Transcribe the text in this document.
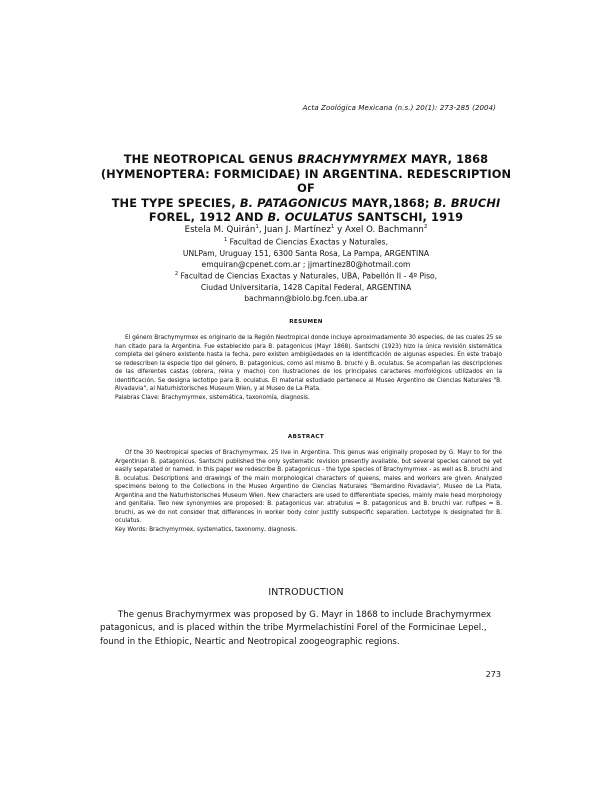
Acta Zoológica Mexicana (n.s.) 20(1): 273-285 (2004)
THE NEOTROPICAL GENUS BRACHYMYRMEX MAYR, 1868
(HYMENOPTERA: FORMICIDAE) IN ARGENTINA. REDESCRIPTION OF
THE TYPE SPECIES, B. PATAGONICUS MAYR,1868; B. BRUCHI
FOREL, 1912 AND B. OCULATUS SANTSCHI, 1919
Estela M. Quirán$^1$, Juan J. Martínez$^1$ y Axel O. Bachmann$^2$
$^1$ Facultad de Ciencias Exactas y Naturales,
UNLPam, Uruguay 151, 6300 Santa Rosa, La Pampa, ARGENTINA
emquiran@cpenet.com.ar ; jjmartinez80@hotmail.com
$^2$ Facultad de Ciencias Exactas y Naturales, UBA, Pabellón II - 4º Piso,
Ciudad Universitaria, 1428 Capital Federal, ARGENTINA
bachmann@biolo.bg.fcen.uba.ar
RESUMEN

El género Brachymyrmex es originario de la Región Neotropical donde incluye aproximadamente 30 especies, de las cuales 25 se han citado para la Argentina. Fue establecido para B. patagonicus (Mayr 1868). Santschi (1923) hizo la única revisión sistemática completa del género existente hasta la fecha, pero existen ambigüedades en la identificación de algunas especies. En este trabajo se redescriben la especie tipo del género, B. patagonicus, como así mismo B. bruchi y B. oculatus. Se acompañan las descripciones de las diferentes castas (obrera, reina y macho) con ilustraciones de los principales caracteres morfológicos utilizados en la identificación. Se designa lectotipo para B. oculatus. El material estudiado pertenece al Museo Argentino de Ciencias Naturales "B. Rivadavia", al Naturhistorisches Museum Wien, y al Museo de La Plata.

Palabras Clave: Brachymyrmex, sistemática, taxonomía, diagnosis.

ABSTRACT

Of the 30 Neotropical species of Brachymyrmex, 25 live in Argentina. This genus was originally proposed by G. Mayr to for the Argentinian B. patagonicus. Santschi published the only systematic revision presently available, but several species cannot be yet easily separated or named. In this paper we redescribe B. patagonicus - the type species of Brachymyrmex - as well as B. bruchi and B. oculatus. Descriptions and drawings of the main morphological characters of queens, males and workers are given. Analyzed specimens belong to the Collections in the Museo Argentino de Ciencias Naturales "Bernardino Rivadavia", Museo de La Plata, Argentina and the Naturhistorisches Museum Wien. New characters are used to differentiate species, mainly male head morphology and genitalia. Two new synonymies are proposed: B. patagonicus var. atratulus = B. patagonicus and B. bruchi var. rufipes = B. bruchi, as we do not consider that differences in worker body color justify subspecific separation. Lectotype is designated for B. oculatus.

Key Words: Brachymyrmex, systematics, taxonomy, diagnosis.

INTRODUCTION

The genus Brachymyrmex was proposed by G. Mayr in 1868 to include Brachymyrmex patagonicus, and is placed within the tribe Myrmelachistini Forel of the Formicinae Lepel., found in the Ethiopic, Neartic and Neotropical zoogeographic regions.

273
